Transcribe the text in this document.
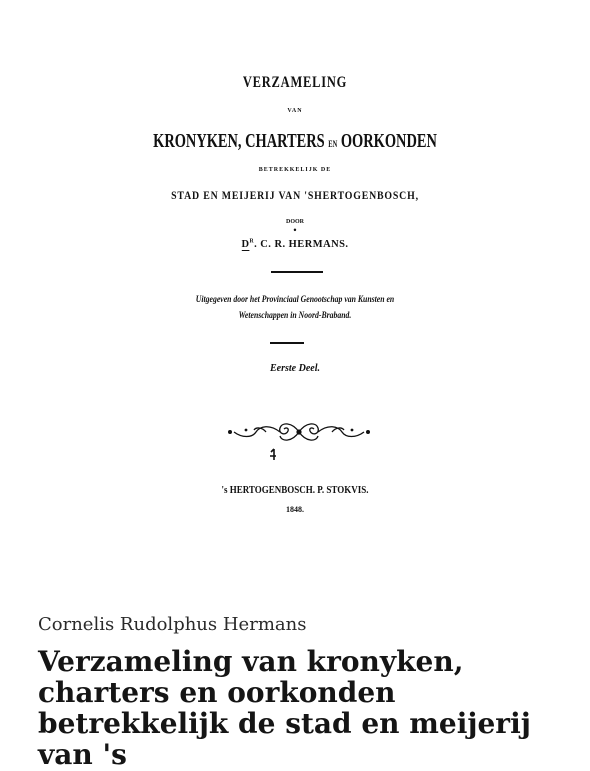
VERZAMELING
VAN
KRONYKEN, CHARTERS EN OORKONDEN
BETREKKELIJK DE
STAD EN MEIJERIJ VAN 'SHERTOGENBOSCH,
DOOR
•
$D^R$. C. R. HERMANS.
Uitgegeven door het Provinciaal Genootschap van Kunsten en
Wetenschappen in Noord-Braband.
Eerste Deel.
's HERTOGENBOSCH. P. STOKVIS.
1848.
Cornelis Rudolphus Hermans
Verzameling van kronyken, charters en oorkonden betrekkelijk de stad en meijerij van 's
